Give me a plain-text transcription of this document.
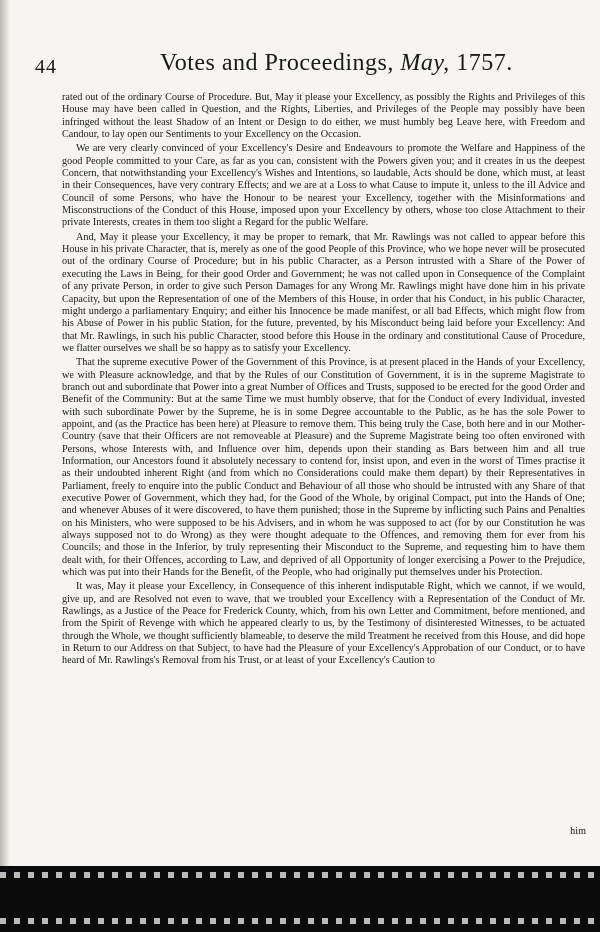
44	Votes and Proceedings, May, 1757.

rated out of the ordinary Course of Procedure. But, May it please your Excellency, as possibly the Rights and Privileges of this House may have been called in Question, and the Rights, Liberties, and Privileges of the People may possibly have been infringed without the least Shadow of an Intent or Design to do either, we must humbly beg Leave here, with Freedom and Candour, to lay open our Sentiments to your Excellency on the Occasion.

We are very clearly convinced of your Excellency's Desire and Endeavours to promote the Welfare and Happiness of the good People committed to your Care, as far as you can, consistent with the Powers given you; and it creates in us the deepest Concern, that notwithstanding your Excellency's Wishes and Intentions, so laudable, Acts should be done, which must, at least in their Consequences, have very contrary Effects; and we are at a Loss to what Cause to impute it, unless to the ill Advice and Council of some Persons, who have the Honour to be nearest your Excellency, together with the Misinformations and Misconstructions of the Conduct of this House, imposed upon your Excellency by others, whose too close Attachment to their private Interests, creates in them too slight a Regard for the public Welfare.

And, May it please your Excellency, it may be proper to remark, that Mr. Rawlings was not called to appear before this House in his private Character, that is, merely as one of the good People of this Province, who we hope never will be prosecuted out of the ordinary Course of Procedure; but in his public Character, as a Person intrusted with a Share of the Power of executing the Laws in Being, for their good Order and Government; he was not called upon in Consequence of the Complaint of any private Person, in order to give such Person Damages for any Wrong Mr. Rawlings might have done him in his private Capacity, but upon the Representation of one of the Members of this House, in order that his Conduct, in his public Character, might undergo a parliamentary Enquiry; and either his Innocence be made manifest, or all bad Effects, which might flow from his Abuse of Power in his public Station, for the future, prevented, by his Misconduct being laid before your Excellency: And that Mr. Rawlings, in such his public Character, stood before this House in the ordinary and constitutional Cause of Procedure, we flatter ourselves we shall be so happy as to satisfy your Excellency.

That the supreme executive Power of the Government of this Province, is at present placed in the Hands of your Excellency, we with Pleasure acknowledge, and that by the Rules of our Constitution of Government, it is in the supreme Magistrate to branch out and subordinate that Power into a great Number of Offices and Trusts, supposed to be erected for the good Order and Benefit of the Community: But at the same Time we must humbly observe, that for the Conduct of every Individual, invested with such subordinate Power by the Supreme, he is in some Degree accountable to the Public, as he has the sole Power to appoint, and (as the Practice has been here) at Pleasure to remove them. This being truly the Case, both here and in our Mother-Country (save that their Officers are not removeable at Pleasure) and the Supreme Magistrate being too often environed with Persons, whose Interests with, and Influence over him, depends upon their standing as Bars between him and all true Information, our Ancestors found it absolutely necessary to contend for, insist upon, and even in the worst of Times practise it as their undoubted inherent Right (and from which no Considerations could make them depart) by their Representatives in Parliament, freely to enquire into the public Conduct and Behaviour of all those who should be intrusted with any Share of that executive Power of Government, which they had, for the Good of the Whole, by original Compact, put into the Hands of One; and whenever Abuses of it were discovered, to have them punished; those in the Supreme by inflicting such Pains and Penalties on his Ministers, who were supposed to be his Advisers, and in whom he was supposed to act (for by our Constitution he was always supposed not to do Wrong) as they were thought adequate to the Offences, and removing them for ever from his Councils; and those in the Inferior, by truly representing their Misconduct to the Supreme, and requesting him to have them dealt with, for their Offences, according to Law, and deprived of all Opportunity of longer exercising a Power to the Prejudice, which was put into their Hands for the Benefit, of the People, who had originally put themselves under his Protection.

It was, May it please your Excellency, in Consequence of this inherent indisputable Right, which we cannot, if we would, give up, and are Resolved not even to wave, that we troubled your Excellency with a Representation of the Conduct of Mr. Rawlings, as a Justice of the Peace for Frederick County, which, from his own Letter and Commitment, before mentioned, and from the Spirit of Revenge with which he appeared clearly to us, by the Testimony of disinterested Witnesses, to be actuated through the Whole, we thought sufficiently blameable, to deserve the mild Treatment he received from this House, and did hope in Return to our Address on that Subject, to have had the Pleasure of your Excellency's Approbation of our Conduct, or to have heard of Mr. Rawlings's Removal from his Trust, or at least of your Excellency's Caution to

him
